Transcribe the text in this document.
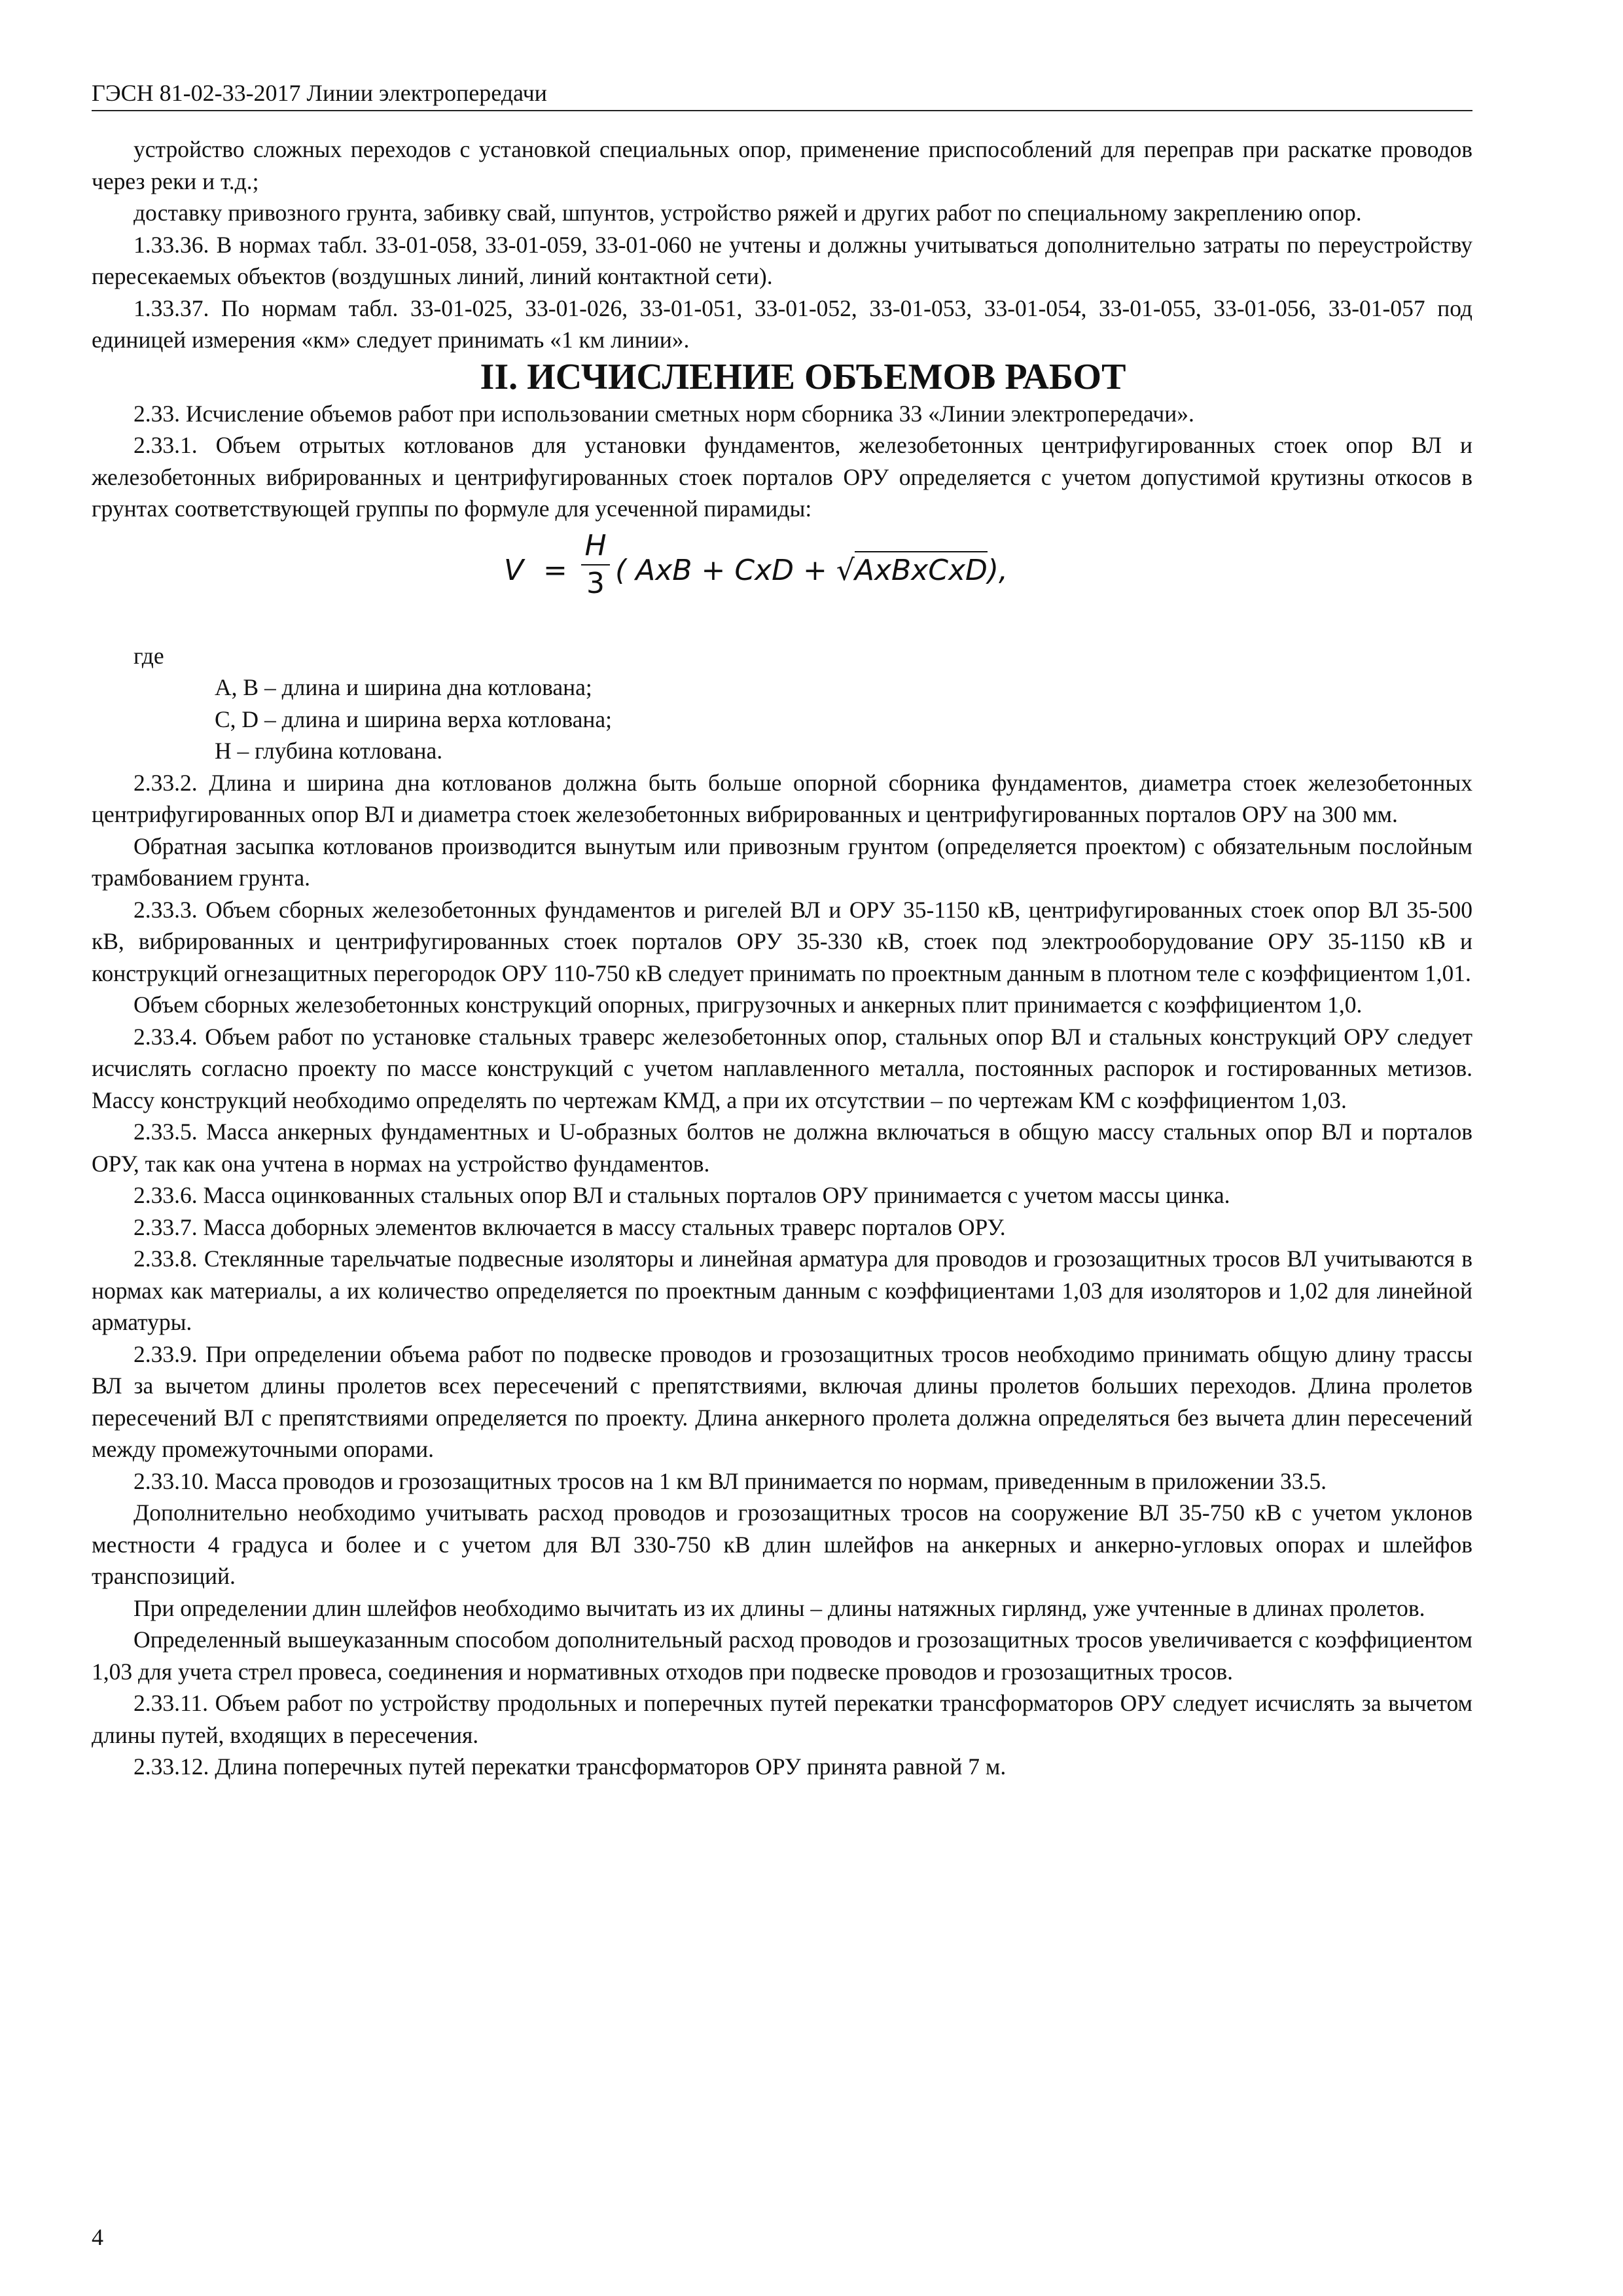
ГЭСН 81-02-33-2017 Линии электропередачи

устройство сложных переходов с установкой специальных опор, применение приспособлений для переправ при раскатке проводов через реки и т.д.;

доставку привозного грунта, забивку свай, шпунтов, устройство ряжей и других работ по специальному закреплению опор.

1.33.36. В нормах табл. 33-01-058, 33-01-059, 33-01-060 не учтены и должны учитываться дополнительно затраты по переустройству пересекаемых объектов (воздушных линий, линий контактной сети).

1.33.37. По нормам табл. 33-01-025, 33-01-026, 33-01-051, 33-01-052, 33-01-053, 33-01-054, 33-01-055, 33-01-056, 33-01-057 под единицей измерения «км» следует принимать «1 км линии».

II. ИСЧИСЛЕНИЕ ОБЪЕМОВ РАБОТ

2.33. Исчисление объемов работ при использовании сметных норм сборника 33 «Линии электропередачи».

2.33.1. Объем отрытых котлованов для установки фундаментов, железобетонных центрифугированных стоек опор ВЛ и железобетонных вибрированных и центрифугированных стоек порталов ОРУ определяется с учетом допустимой крутизны откосов в грунтах соответствующей группы по формуле для усеченной пирамиды:

V =
H
3 ( AxB + CxD + √AxBxCxD),

где

А, В – длина и ширина дна котлована;

С, D – длина и ширина верха котлована;

Н – глубина котлована.

2.33.2. Длина и ширина дна котлованов должна быть больше опорной сборника фундаментов, диаметра стоек железобетонных центрифугированных опор ВЛ и диаметра стоек железобетонных вибрированных и центрифугированных порталов ОРУ на 300 мм.

Обратная засыпка котлованов производится вынутым или привозным грунтом (определяется проектом) с обязательным послойным трамбованием грунта.

2.33.3. Объем сборных железобетонных фундаментов и ригелей ВЛ и ОРУ 35-1150 кВ, центрифугированных стоек опор ВЛ 35-500 кВ, вибрированных и центрифугированных стоек порталов ОРУ 35-330 кВ, стоек под электрооборудование ОРУ 35-1150 кВ и конструкций огнезащитных перегородок ОРУ 110-750 кВ следует принимать по проектным данным в плотном теле с коэффициентом 1,01.

Объем сборных железобетонных конструкций опорных, пригрузочных и анкерных плит принимается с коэффициентом 1,0.

2.33.4. Объем работ по установке стальных траверс железобетонных опор, стальных опор ВЛ и стальных конструкций ОРУ следует исчислять согласно проекту по массе конструкций с учетом наплавленного металла, постоянных распорок и гостированных метизов. Массу конструкций необходимо определять по чертежам КМД, а при их отсутствии – по чертежам КМ с коэффициентом 1,03.

2.33.5. Масса анкерных фундаментных и U-образных болтов не должна включаться в общую массу стальных опор ВЛ и порталов ОРУ, так как она учтена в нормах на устройство фундаментов.

2.33.6. Масса оцинкованных стальных опор ВЛ и стальных порталов ОРУ принимается с учетом массы цинка.

2.33.7. Масса доборных элементов включается в массу стальных траверс порталов ОРУ.

2.33.8. Стеклянные тарельчатые подвесные изоляторы и линейная арматура для проводов и грозозащитных тросов ВЛ учитываются в нормах как материалы, а их количество определяется по проектным данным с коэффициентами 1,03 для изоляторов и 1,02 для линейной арматуры.

2.33.9. При определении объема работ по подвеске проводов и грозозащитных тросов необходимо принимать общую длину трассы ВЛ за вычетом длины пролетов всех пересечений с препятствиями, включая длины пролетов больших переходов. Длина пролетов пересечений ВЛ с препятствиями определяется по проекту. Длина анкерного пролета должна определяться без вычета длин пересечений между промежуточными опорами.

2.33.10. Масса проводов и грозозащитных тросов на 1 км ВЛ принимается по нормам, приведенным в приложении 33.5.

Дополнительно необходимо учитывать расход проводов и грозозащитных тросов на сооружение ВЛ 35-750 кВ с учетом уклонов местности 4 градуса и более и с учетом для ВЛ 330-750 кВ длин шлейфов на анкерных и анкерно-угловых опорах и шлейфов транспозиций.

При определении длин шлейфов необходимо вычитать из их длины – длины натяжных гирлянд, уже учтенные в длинах пролетов.

Определенный вышеуказанным способом дополнительный расход проводов и грозозащитных тросов увеличивается с коэффициентом 1,03 для учета стрел провеса, соединения и нормативных отходов при подвеске проводов и грозозащитных тросов.

2.33.11. Объем работ по устройству продольных и поперечных путей перекатки трансформаторов ОРУ следует исчислять за вычетом длины путей, входящих в пересечения.

2.33.12. Длина поперечных путей перекатки трансформаторов ОРУ принята равной 7 м.

4
